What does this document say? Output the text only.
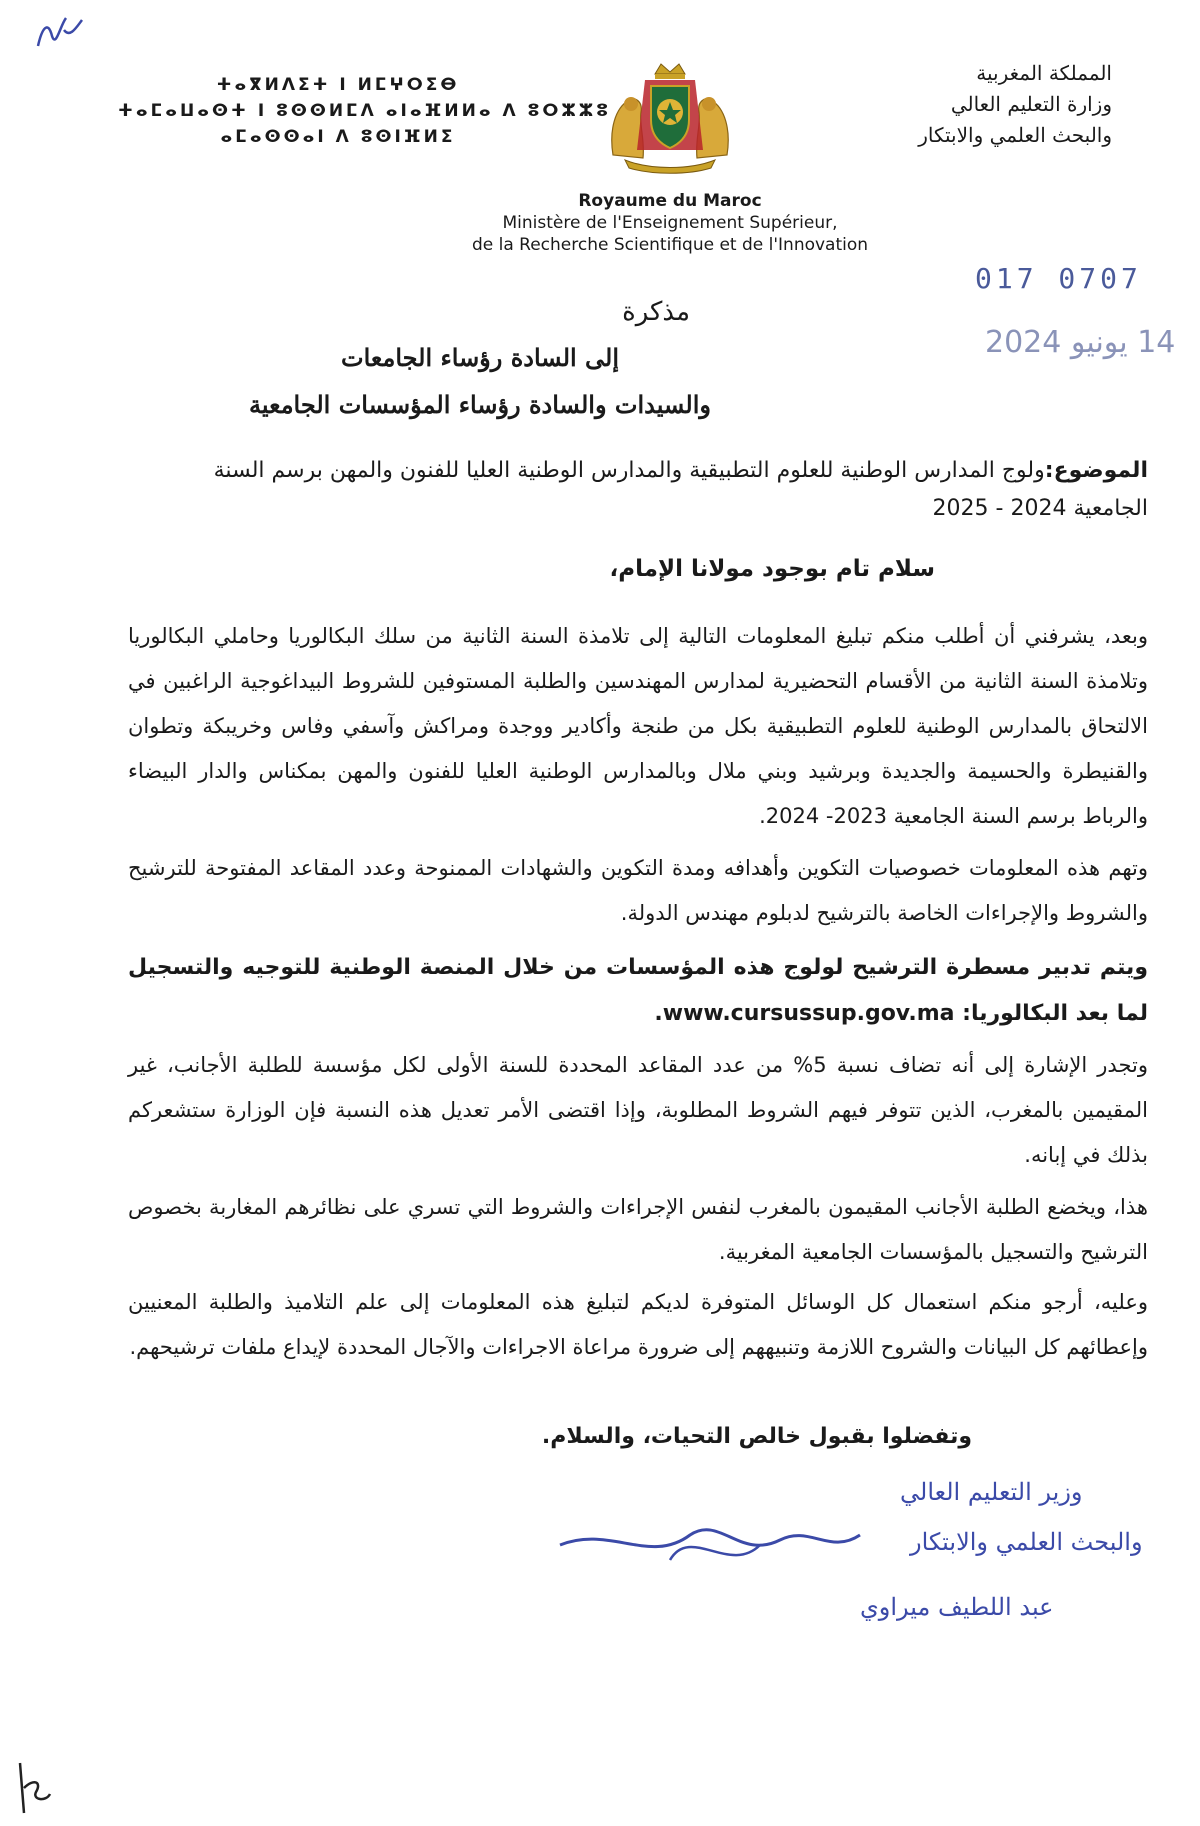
المملكة المغربية
وزارة التعليم العالي
والبحث العلمي والابتكار
ⵜⴰⴳⵍⴷⵉⵜ ⵏ ⵍⵎⵖⵔⵉⴱ
ⵜⴰⵎⴰⵡⴰⵙⵜ ⵏ ⵓⵙⵙⵍⵎⴷ ⴰⵏⴰⴼⵍⵍⴰ ⴷ ⵓⵔⵣⵣⵓ
ⴰⵎⴰⵙⵙⴰⵏ ⴷ ⵓⵙⵏⴼⵍⵉ
Royaume du Maroc
Ministère de l'Enseignement Supérieur,
de la Recherche Scientifique et de l'Innovation
017 0707
14 يونيو 2024
مذكرة
إلى السادة رؤساء الجامعات
والسيدات والسادة رؤساء المؤسسات الجامعية
الموضوع:ولوج المدارس الوطنية للعلوم التطبيقية والمدارس الوطنية العليا للفنون والمهن برسم السنة الجامعية 2024 - 2025
سلام تام بوجود مولانا الإمام،
وبعد، يشرفني أن أطلب منكم تبليغ المعلومات التالية إلى تلامذة السنة الثانية من سلك البكالوريا وحاملي البكالوريا وتلامذة السنة الثانية من الأقسام التحضيرية لمدارس المهندسين والطلبة المستوفين للشروط البيداغوجية الراغبين في الالتحاق بالمدارس الوطنية للعلوم التطبيقية بكل من طنجة وأكادير ووجدة ومراكش وآسفي وفاس وخريبكة وتطوان والقنيطرة والحسيمة والجديدة وبرشيد وبني ملال وبالمدارس الوطنية العليا للفنون والمهن بمكناس والدار البيضاء والرباط برسم السنة الجامعية 2023- 2024.
وتهم هذه المعلومات خصوصيات التكوين وأهدافه ومدة التكوين والشهادات الممنوحة وعدد المقاعد المفتوحة للترشيح والشروط والإجراءات الخاصة بالترشيح لدبلوم مهندس الدولة.
ويتم تدبير مسطرة الترشيح لولوج هذه المؤسسات من خلال المنصة الوطنية للتوجيه والتسجيل لما بعد البكالوريا: www.cursussup.gov.ma.
وتجدر الإشارة إلى أنه تضاف نسبة 5% من عدد المقاعد المحددة للسنة الأولى لكل مؤسسة للطلبة الأجانب، غير المقيمين بالمغرب، الذين تتوفر فيهم الشروط المطلوبة، وإذا اقتضى الأمر تعديل هذه النسبة فإن الوزارة ستشعركم بذلك في إبانه.
هذا، ويخضع الطلبة الأجانب المقيمون بالمغرب لنفس الإجراءات والشروط التي تسري على نظائرهم المغاربة بخصوص الترشيح والتسجيل بالمؤسسات الجامعية المغربية.
وعليه، أرجو منكم استعمال كل الوسائل المتوفرة لديكم لتبليغ هذه المعلومات إلى علم التلاميذ والطلبة المعنيين وإعطائهم كل البيانات والشروح اللازمة وتنبيههم إلى ضرورة مراعاة الاجراءات والآجال المحددة لإيداع ملفات ترشيحهم.
وتفضلوا بقبول خالص التحيات، والسلام.
وزير التعليم العالي
والبحث العلمي والابتكار
عبد اللطيف ميراوي
